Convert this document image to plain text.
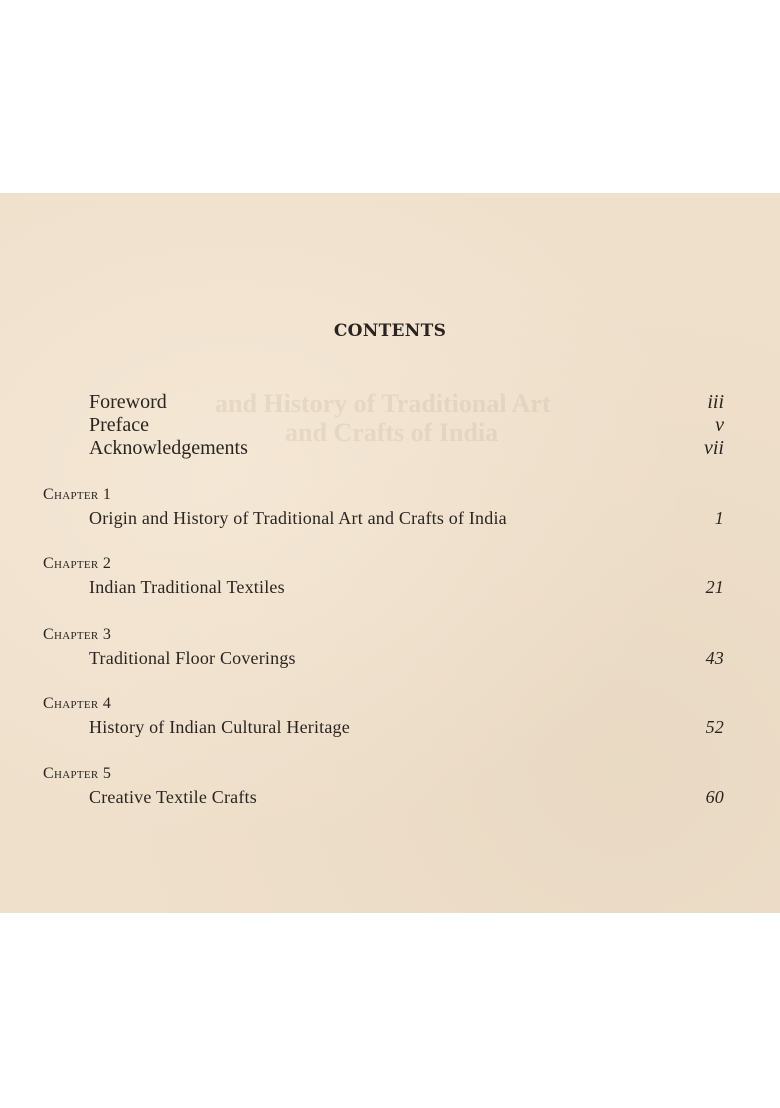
and History of Traditional Art
and Crafts of India
CONTENTS
Foreword	iii
Preface	v
Acknowledgements	vii
Chapter 1
Origin and History of Traditional Art and Crafts of India	1
Chapter 2
Indian Traditional Textiles	21
Chapter 3
Traditional Floor Coverings	43
Chapter 4
History of Indian Cultural Heritage	52
Chapter 5
Creative Textile Crafts	60
